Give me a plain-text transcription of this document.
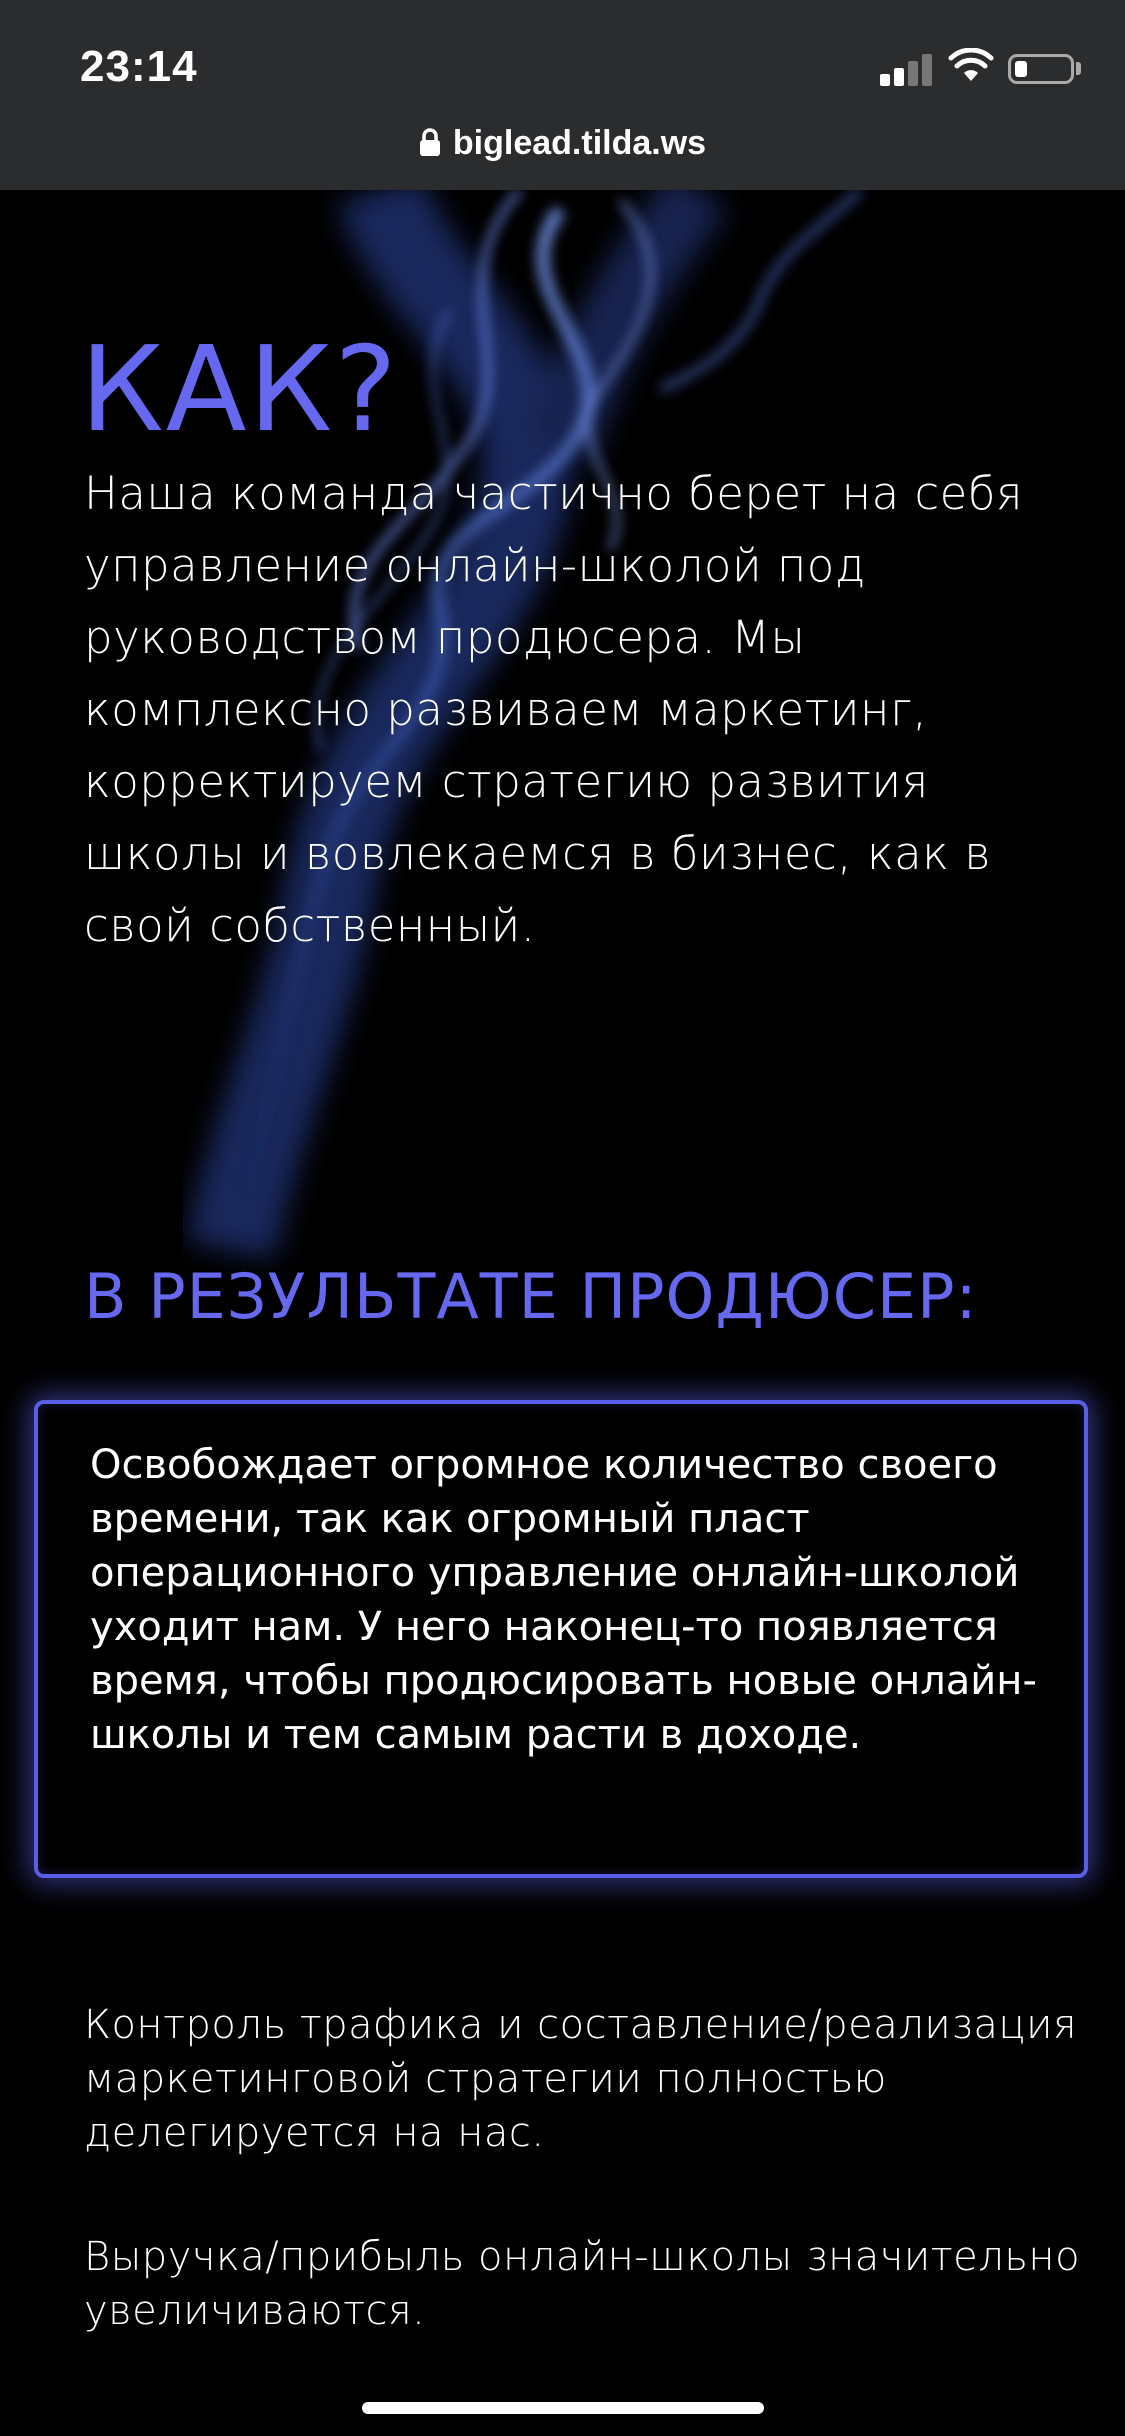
23:14
biglead.tilda.ws
КАК?

Наша команда частично берет на себя управление онлайн-школой под руководством продюсера. Мы комплексно развиваем маркетинг, корректируем стратегию развития школы и вовлекаемся в бизнес, как в свой собственный.

В РЕЗУЛЬТАТЕ ПРОДЮСЕР:

Освобождает огромное количество своего времени, так как огромный пласт операционного управление онлайн-школой уходит нам. У него наконец-то появляется время, чтобы продюсировать новые онлайн-школы и тем самым расти в доходе.

Контроль трафика и составление/реализация маркетинговой стратегии полностью делегируется на нас.

Выручка/прибыль онлайн-школы значительно увеличиваются.
